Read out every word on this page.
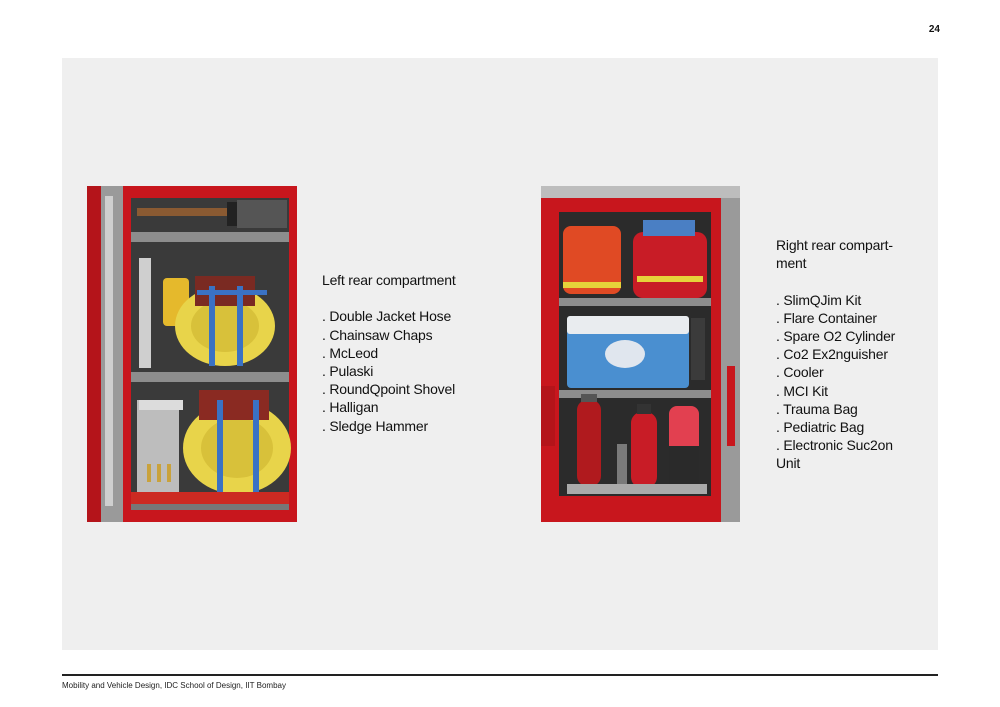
24
Left rear compartment
. Double Jacket Hose
. Chainsaw Chaps
. McLeod
. Pulaski
. RoundQpoint Shovel
. Halligan
. Sledge Hammer
Right rear compart-ment
. SlimQJim Kit
. Flare Container
. Spare O2 Cylinder
. Co2 Ex2nguisher
. Cooler
. MCI Kit
. Trauma Bag
. Pediatric Bag
. Electronic Suc2on Unit
Mobility and Vehicle Design, IDC School of Design, IIT Bombay
